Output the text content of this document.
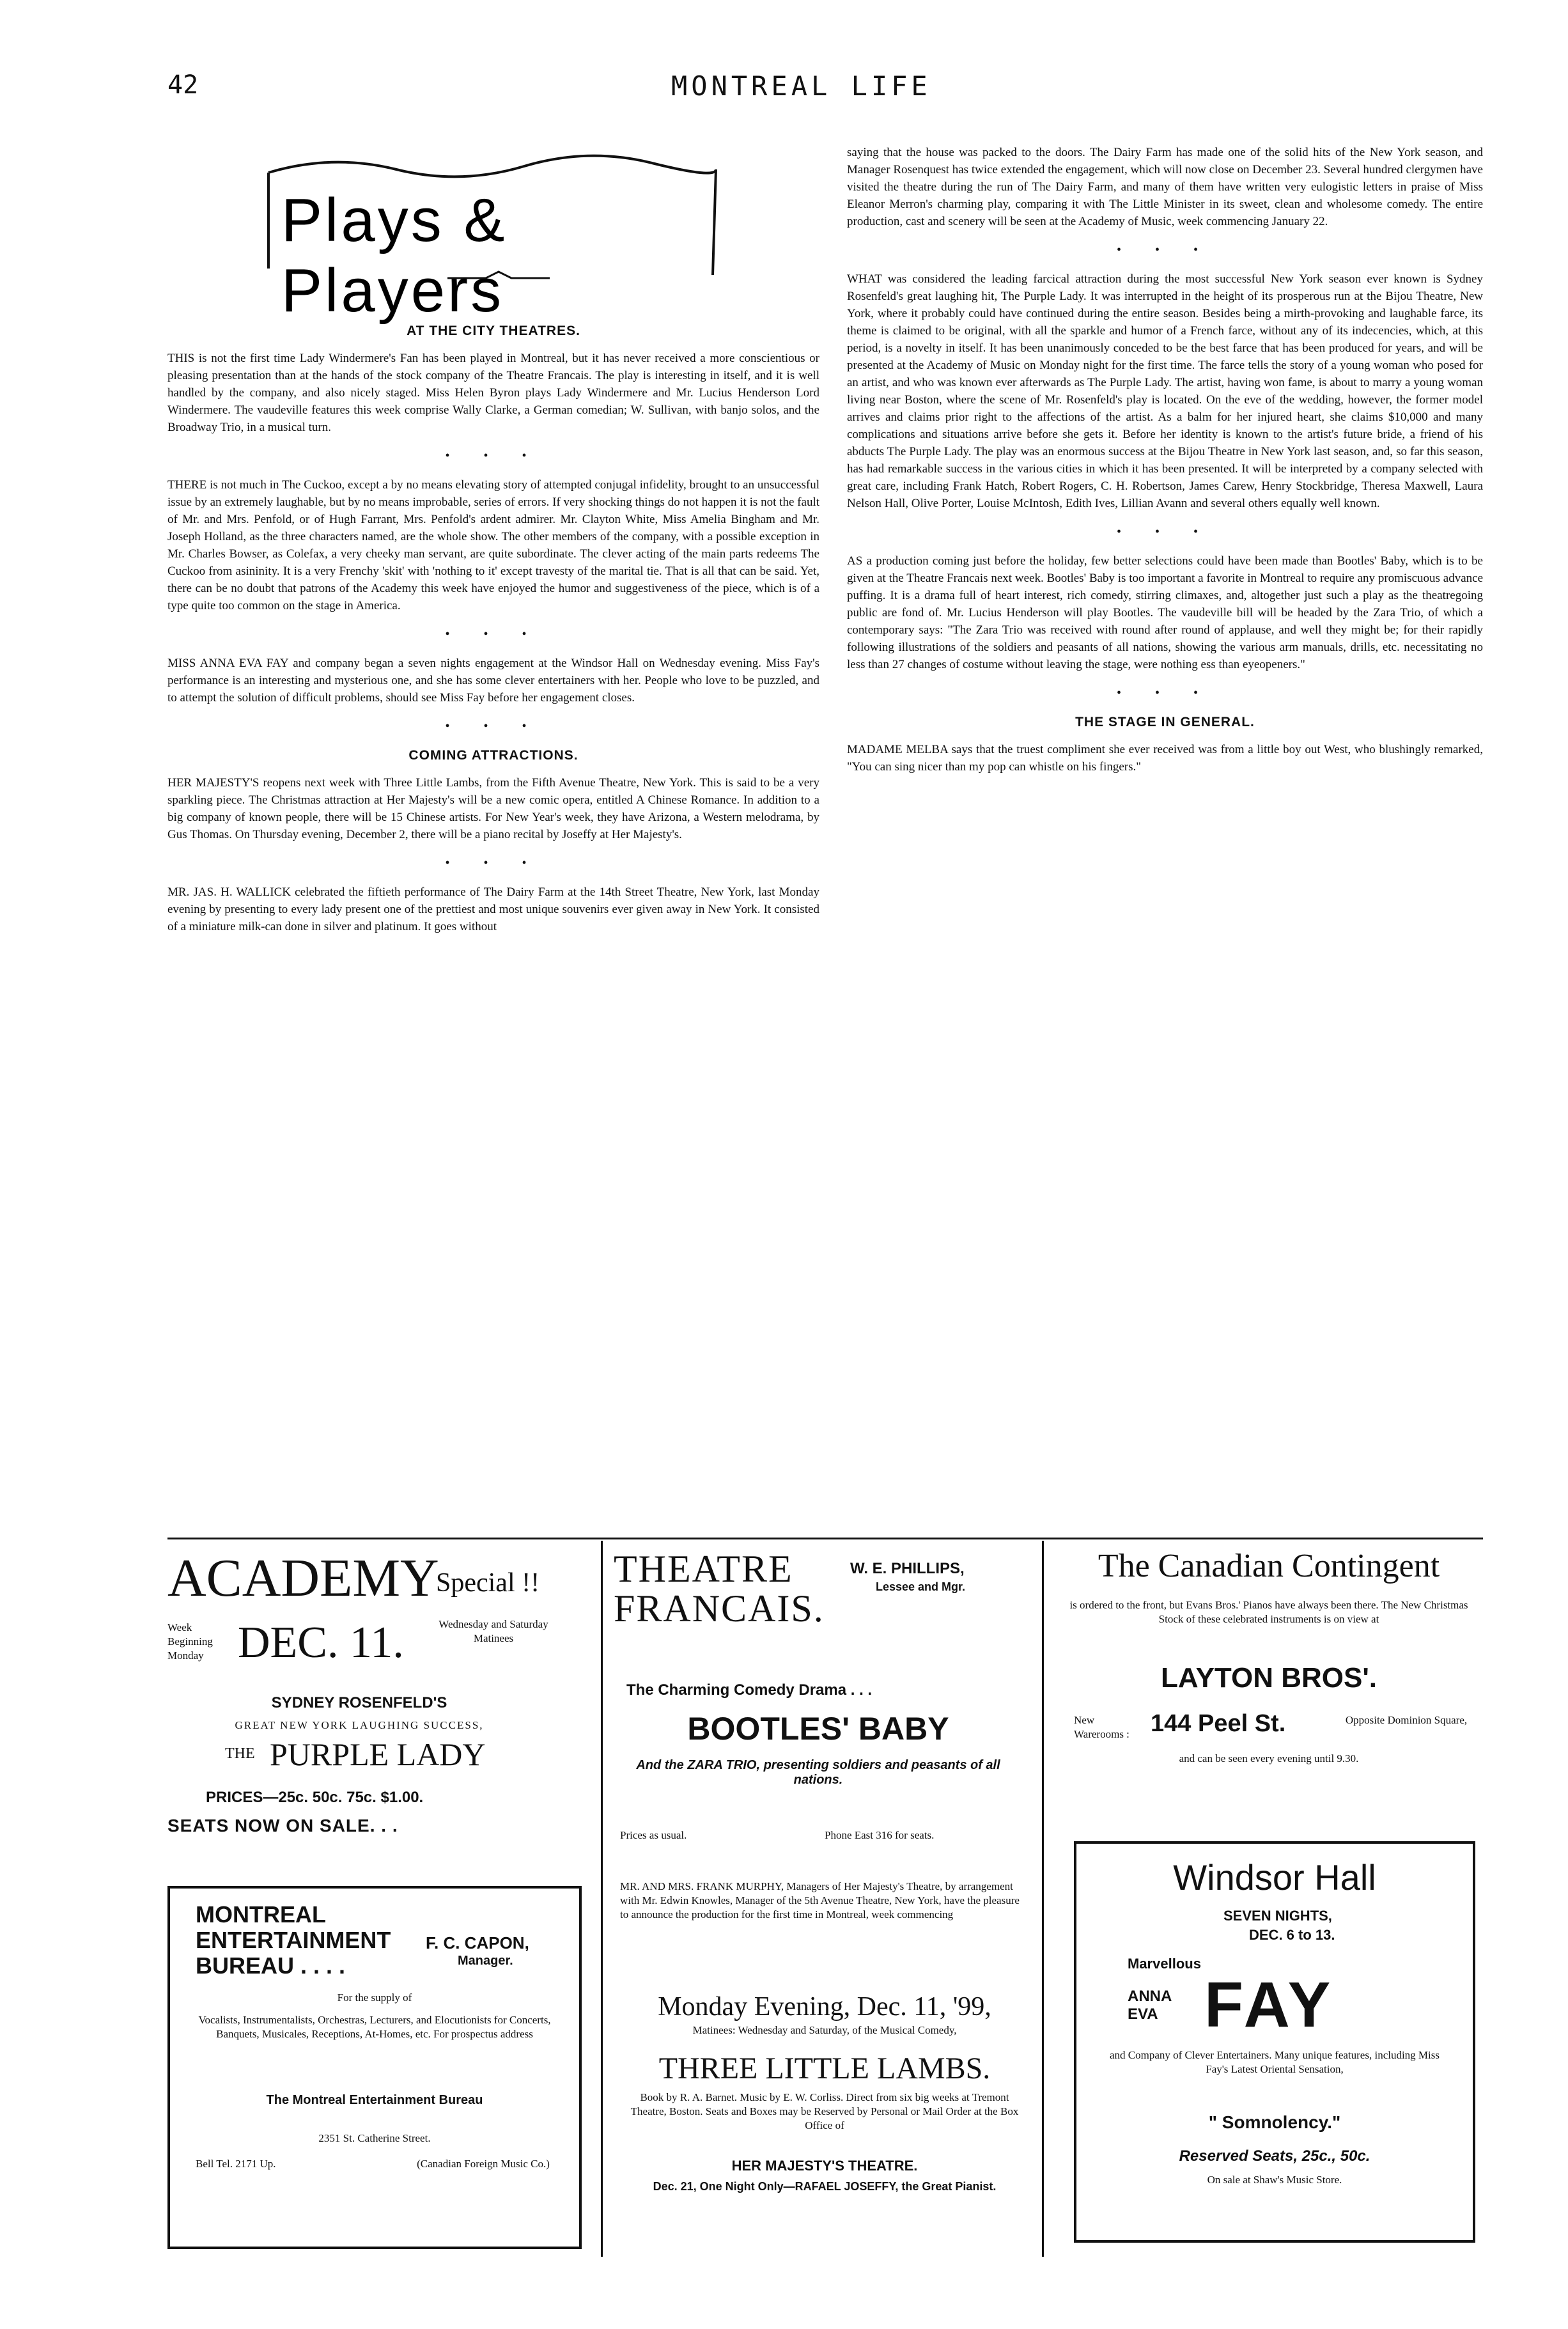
42	MONTREAL LIFE
Plays & Players
AT THE CITY THEATRES.

THIS is not the first time Lady Windermere's Fan has been played in Montreal, but it has never received a more conscientious or pleasing presentation than at the hands of the stock company of the Theatre Francais. The play is interesting in itself, and it is well handled by the company, and also nicely staged. Miss Helen Byron plays Lady Windermere and Mr. Lucius Henderson Lord Windermere. The vaudeville features this week comprise Wally Clarke, a German comedian; W. Sullivan, with banjo solos, and the Broadway Trio, in a musical turn.

• • •

THERE is not much in The Cuckoo, except a by no means elevating story of attempted conjugal infidelity, brought to an unsuccessful issue by an extremely laughable, but by no means improbable, series of errors. If very shocking things do not happen it is not the fault of Mr. and Mrs. Penfold, or of Hugh Farrant, Mrs. Penfold's ardent admirer. Mr. Clayton White, Miss Amelia Bingham and Mr. Joseph Holland, as the three characters named, are the whole show. The other members of the company, with a possible exception in Mr. Charles Bowser, as Colefax, a very cheeky man servant, are quite subordinate. The clever acting of the main parts redeems The Cuckoo from asininity. It is a very Frenchy 'skit' with 'nothing to it' except travesty of the marital tie. That is all that can be said. Yet, there can be no doubt that patrons of the Academy this week have enjoyed the humor and suggestiveness of the piece, which is of a type quite too common on the stage in America.

• • •

MISS ANNA EVA FAY and company began a seven nights engagement at the Windsor Hall on Wednesday evening. Miss Fay's performance is an interesting and mysterious one, and she has some clever entertainers with her. People who love to be puzzled, and to attempt the solution of difficult problems, should see Miss Fay before her engagement closes.

• • •
COMING ATTRACTIONS.

HER MAJESTY'S reopens next week with Three Little Lambs, from the Fifth Avenue Theatre, New York. This is said to be a very sparkling piece. The Christmas attraction at Her Majesty's will be a new comic opera, entitled A Chinese Romance. In addition to a big company of known people, there will be 15 Chinese artists. For New Year's week, they have Arizona, a Western melodrama, by Gus Thomas. On Thursday evening, December 2, there will be a piano recital by Joseffy at Her Majesty's.

• • •

MR. JAS. H. WALLICK celebrated the fiftieth performance of The Dairy Farm at the 14th Street Theatre, New York, last Monday evening by presenting to every lady present one of the prettiest and most unique souvenirs ever given away in New York. It consisted of a miniature milk-can done in silver and platinum. It goes without

saying that the house was packed to the doors. The Dairy Farm has made one of the solid hits of the New York season, and Manager Rosenquest has twice extended the engagement, which will now close on December 23. Several hundred clergymen have visited the theatre during the run of The Dairy Farm, and many of them have written very eulogistic letters in praise of Miss Eleanor Merron's charming play, comparing it with The Little Minister in its sweet, clean and wholesome comedy. The entire production, cast and scenery will be seen at the Academy of Music, week commencing January 22.

• • •

WHAT was considered the leading farcical attraction during the most successful New York season ever known is Sydney Rosenfeld's great laughing hit, The Purple Lady. It was interrupted in the height of its prosperous run at the Bijou Theatre, New York, where it probably could have continued during the entire season. Besides being a mirth-provoking and laughable farce, its theme is claimed to be original, with all the sparkle and humor of a French farce, without any of its indecencies, which, at this period, is a novelty in itself. It has been unanimously conceded to be the best farce that has been produced for years, and will be presented at the Academy of Music on Monday night for the first time. The farce tells the story of a young woman who posed for an artist, and who was known ever afterwards as The Purple Lady. The artist, having won fame, is about to marry a young woman living near Boston, where the scene of Mr. Rosenfeld's play is located. On the eve of the wedding, however, the former model arrives and claims prior right to the affections of the artist. As a balm for her injured heart, she claims $10,000 and many complications and situations arrive before she gets it. Before her identity is known to the artist's future bride, a friend of his abducts The Purple Lady. The play was an enormous success at the Bijou Theatre in New York last season, and, so far this season, has had remarkable success in the various cities in which it has been presented. It will be interpreted by a company selected with great care, including Frank Hatch, Robert Rogers, C. H. Robertson, James Carew, Henry Stockbridge, Theresa Maxwell, Laura Nelson Hall, Olive Porter, Louise McIntosh, Edith Ives, Lillian Avann and several others equally well known.

• • •

AS a production coming just before the holiday, few better selections could have been made than Bootles' Baby, which is to be given at the Theatre Francais next week. Bootles' Baby is too important a favorite in Montreal to require any promiscuous advance puffing. It is a drama full of heart interest, rich comedy, stirring climaxes, and, altogether just such a play as the theatregoing public are fond of. Mr. Lucius Henderson will play Bootles. The vaudeville bill will be headed by the Zara Trio, of which a contemporary says: "The Zara Trio was received with round after round of applause, and well they might be; for their rapidly following illustrations of the soldiers and peasants of all nations, showing the various arm manuals, drills, etc. necessitating no less than 27 changes of costume without leaving the stage, were nothing ess than eyeopeners."

• • •
THE STAGE IN GENERAL.

MADAME MELBA says that the truest compliment she ever received was from a little boy out West, who blushingly remarked, "You can sing nicer than my pop can whistle on his fingers."

ACADEMY
Special !!
Week Beginning Monday DEC. 11.	Wednesday and Saturday Matinees
SYDNEY ROSENFELD'S
GREAT NEW YORK LAUGHING SUCCESS,
THE PURPLE LADY
PRICES—25c. 50c. 75c. $1.00.
SEATS NOW ON SALE. . .
MONTREAL
ENTERTAINMENT
BUREAU . . . .
F. C. CAPON,
Manager.
For the supply of
Vocalists, Instrumentalists, Orchestras, Lecturers, and Elocutionists for Concerts, Banquets, Musicales, Receptions, At-Homes, etc. For prospectus address
The Montreal Entertainment Bureau
2351 St. Catherine Street.
Bell Tel. 2171 Up.	(Canadian Foreign Music Co.)
THEATRE
FRANCAIS.
W. E. PHILLIPS,
Lessee and Mgr.
The Charming Comedy Drama . . .
BOOTLES' BABY
And the ZARA TRIO, presenting soldiers and peasants of all nations.
Prices as usual.	Phone East 316 for seats.
MR. AND MRS. FRANK MURPHY, Managers of Her Majesty's Theatre, by arrangement with Mr. Edwin Knowles, Manager of the 5th Avenue Theatre, New York, have the pleasure to announce the production for the first time in Montreal, week commencing
Monday Evening, Dec. 11, '99,
Matinees: Wednesday and Saturday, of the Musical Comedy,
THREE LITTLE LAMBS.
Book by R. A. Barnet. Music by E. W. Corliss. Direct from six big weeks at Tremont Theatre, Boston. Seats and Boxes may be Reserved by Personal or Mail Order at the Box Office of
HER MAJESTY'S THEATRE.
Dec. 21, One Night Only—RAFAEL JOSEFFY, the Great Pianist.
The Canadian Contingent
is ordered to the front, but Evans Bros.' Pianos have always been there. The New Christmas Stock of these celebrated instruments is on view at
LAYTON BROS'.
New Warerooms : 144 Peel St.	Opposite Dominion Square,
and can be seen every evening until 9.30.
Windsor Hall
SEVEN NIGHTS,
DEC. 6 to 13.
Marvellous
ANNA
EVA FAY
and Company of Clever Entertainers. Many unique features, including Miss Fay's Latest Oriental Sensation,
" Somnolency."
Reserved Seats, 25c., 50c.
On sale at Shaw's Music Store.
